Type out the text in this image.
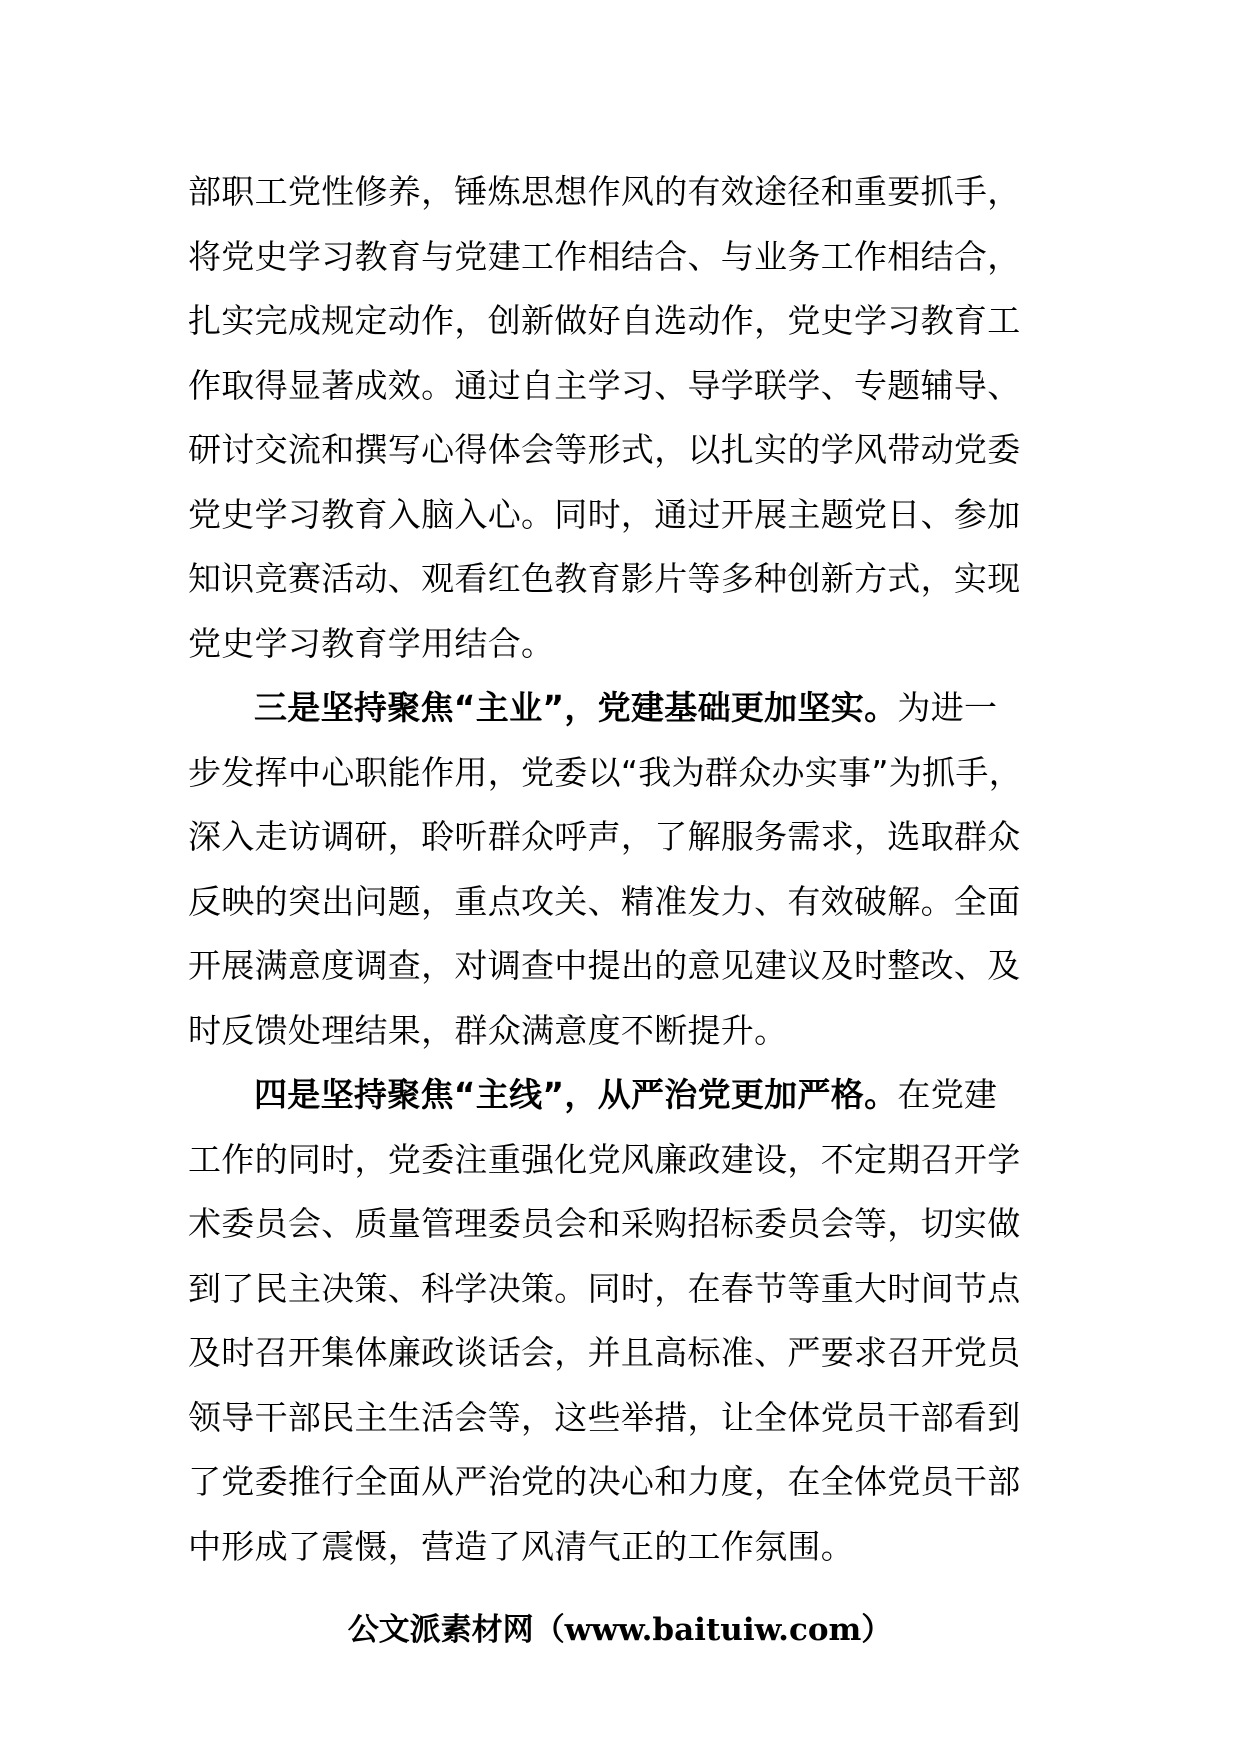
部职工党性修养，锤炼思想作风的有效途径和重要抓手，
将党史学习教育与党建工作相结合、与业务工作相结合，
扎实完成规定动作，创新做好自选动作，党史学习教育工
作取得显著成效。通过自主学习、导学联学、专题辅导、
研讨交流和撰写心得体会等形式，以扎实的学风带动党委
党史学习教育入脑入心。同时，通过开展主题党日、参加
知识竞赛活动、观看红色教育影片等多种创新方式，实现
党史学习教育学用结合。
三是坚持聚焦“主业”，党建基础更加坚实。为进一
步发挥中心职能作用，党委以“我为群众办实事”为抓手，
深入走访调研，聆听群众呼声，了解服务需求，选取群众
反映的突出问题，重点攻关、精准发力、有效破解。全面
开展满意度调查，对调查中提出的意见建议及时整改、及
时反馈处理结果，群众满意度不断提升。
四是坚持聚焦“主线”，从严治党更加严格。在党建
工作的同时，党委注重强化党风廉政建设，不定期召开学
术委员会、质量管理委员会和采购招标委员会等，切实做
到了民主决策、科学决策。同时，在春节等重大时间节点
及时召开集体廉政谈话会，并且高标准、严要求召开党员
领导干部民主生活会等，这些举措，让全体党员干部看到
了党委推行全面从严治党的决心和力度，在全体党员干部
中形成了震慑，营造了风清气正的工作氛围。
公文派素材网（www.baituiw.com）
